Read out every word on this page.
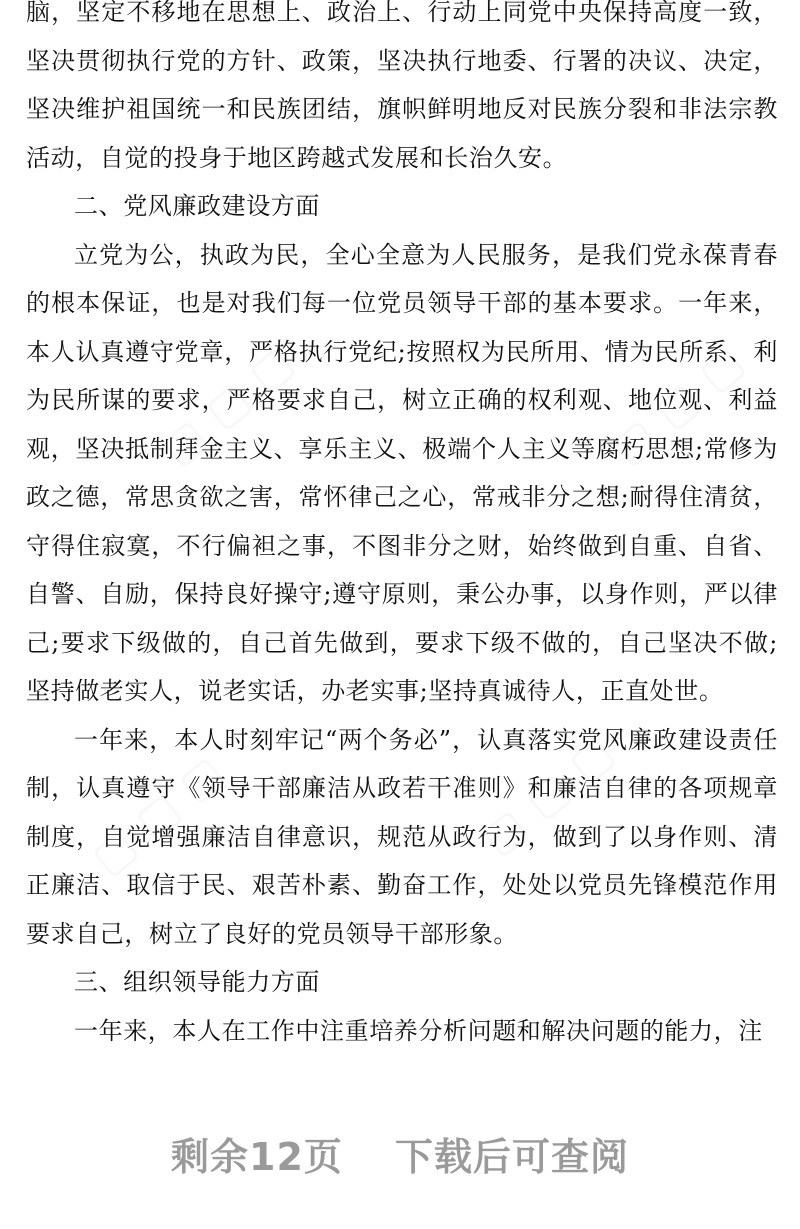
▢ ▢ ▢	▢ ▢ ▢
▢ ▢ ▢	▢ ▢ ▢

脑，坚定不移地在思想上、政治上、行动上同党中央保持高度一致，坚决贯彻执行党的方针、政策，坚决执行地委、行署的决议、决定，坚决维护祖国统一和民族团结，旗帜鲜明地反对民族分裂和非法宗教活动，自觉的投身于地区跨越式发展和长治久安。

二、党风廉政建设方面

立党为公，执政为民，全心全意为人民服务，是我们党永葆青春的根本保证，也是对我们每一位党员领导干部的基本要求。一年来，本人认真遵守党章，严格执行党纪;按照权为民所用、情为民所系、利为民所谋的要求，严格要求自己，树立正确的权利观、地位观、利益观，坚决抵制拜金主义、享乐主义、极端个人主义等腐朽思想;常修为政之德，常思贪欲之害，常怀律己之心，常戒非分之想;耐得住清贫，守得住寂寞，不行偏袒之事，不图非分之财，始终做到自重、自省、自警、自励，保持良好操守;遵守原则，秉公办事，以身作则，严以律己;要求下级做的，自己首先做到，要求下级不做的，自己坚决不做;坚持做老实人，说老实话，办老实事;坚持真诚待人，正直处世。

一年来，本人时刻牢记“两个务必”，认真落实党风廉政建设责任制，认真遵守《领导干部廉洁从政若干准则》和廉洁自律的各项规章制度，自觉增强廉洁自律意识，规范从政行为，做到了以身作则、清正廉洁、取信于民、艰苦朴素、勤奋工作，处处以党员先锋模范作用要求自己，树立了良好的党员领导干部形象。

三、组织领导能力方面

一年来，本人在工作中注重培养分析问题和解决问题的能力，注

剩余12页 下载后可查阅
